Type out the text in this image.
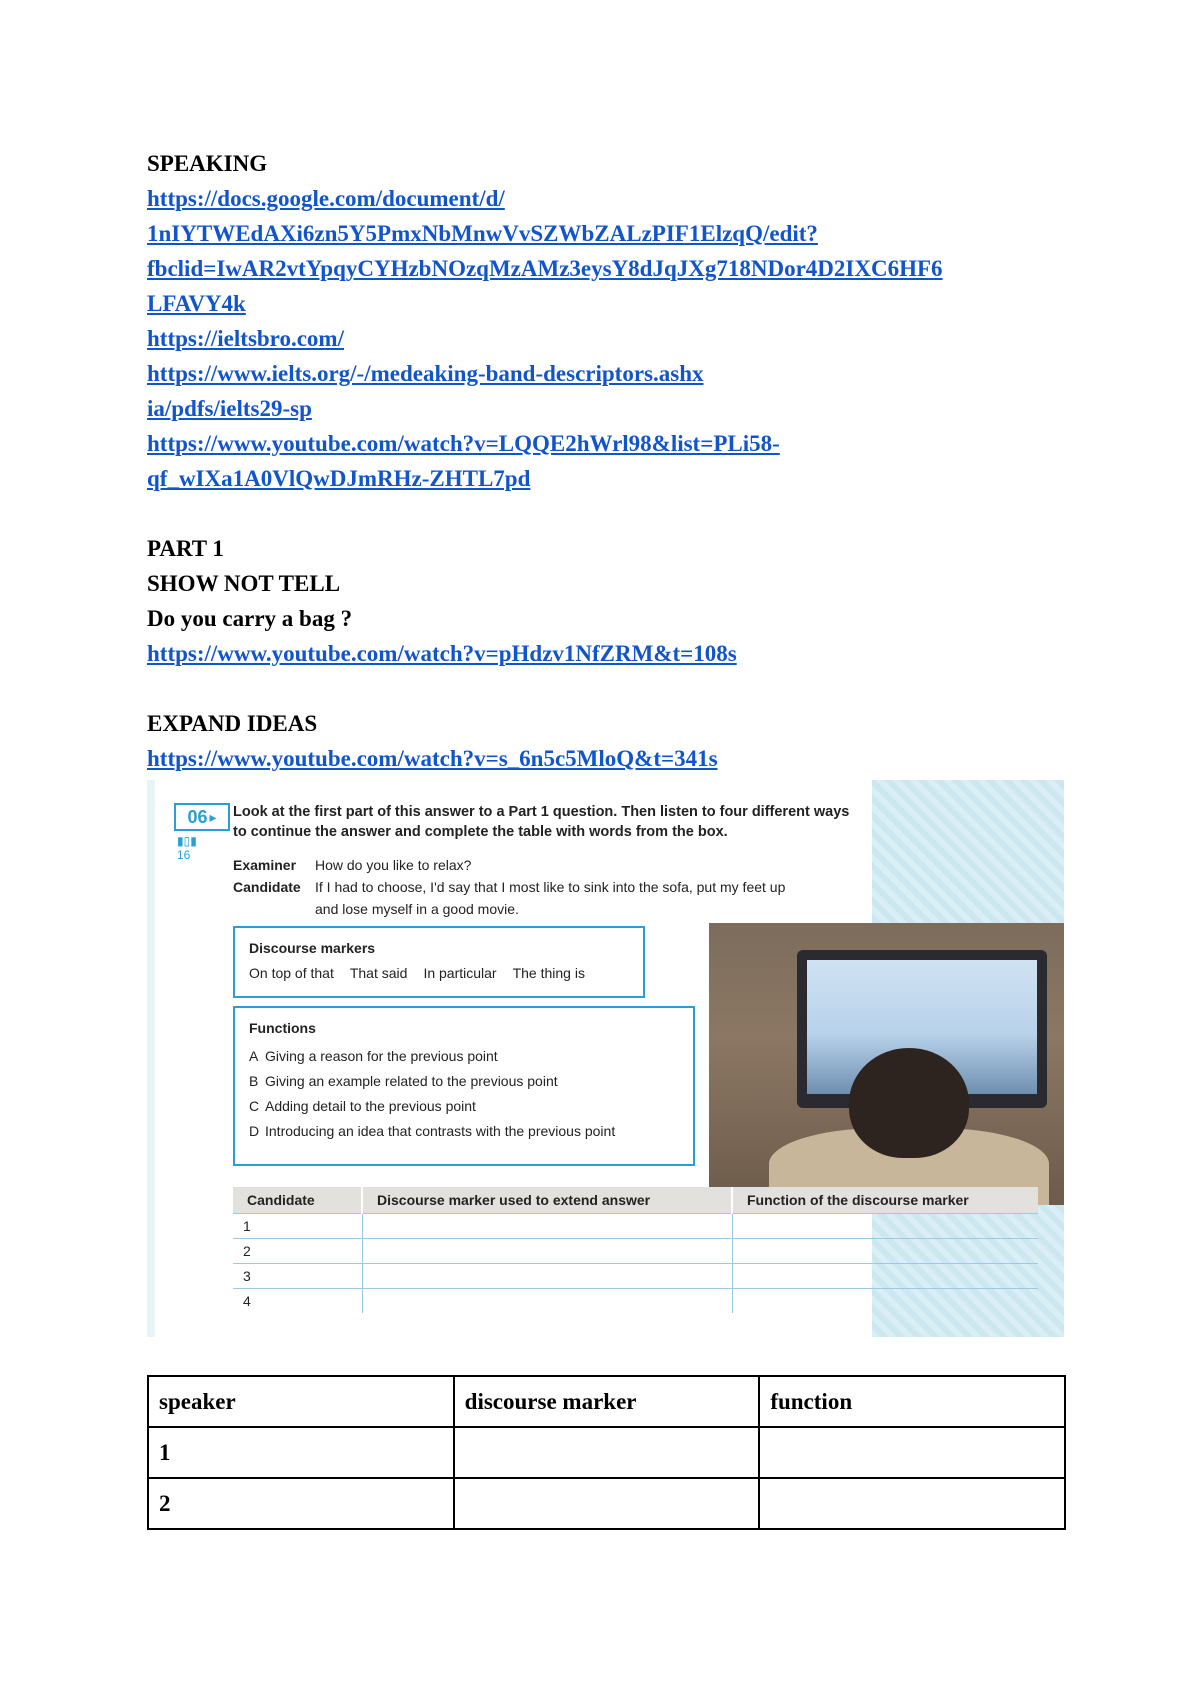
SPEAKING
https://docs.google.com/document/d/
1nIYTWEdAXi6zn5Y5PmxNbMnwVvSZWbZALzPIF1ElzqQ/edit?
fbclid=IwAR2vtYpqyCYHzbNOzqMzAMz3eysY8dJqJXg718NDor4D2IXC6HF6
LFAVY4k
https://ieltsbro.com/
https://www.ielts.org/-/medeaking-band-descriptors.ashx
ia/pdfs/ielts29-sp
https://www.youtube.com/watch?v=LQQE2hWrl98&list=PLi58-
qf_wIXa1A0VlQwDJmRHz-ZHTL7pd
PART 1
SHOW NOT TELL
Do you carry a bag ?
https://www.youtube.com/watch?v=pHdzv1NfZRM&t=108s
EXPAND IDEAS
https://www.youtube.com/watch?v=s_6n5c5MloQ&t=341s
06 ▸
▮▯▮
16
Look at the first part of this answer to a Part 1 question. Then listen to four different ways to continue the answer and complete the table with words from the box.
Examiner How do you like to relax?
Candidate If I had to choose, I'd say that I most like to sink into the sofa, put my feet up
and lose myself in a good movie.
Discourse markers
On top of that That said In particular The thing is
Functions
A Giving a reason for the previous point
B Giving an example related to the previous point
C Adding detail to the previous point
D Introducing an idea that contrasts with the previous point
Candidate	Discourse marker used to extend answer	Function of the discourse marker
1		
2		
3		
4		
speaker	discourse marker	function
1		
2		
